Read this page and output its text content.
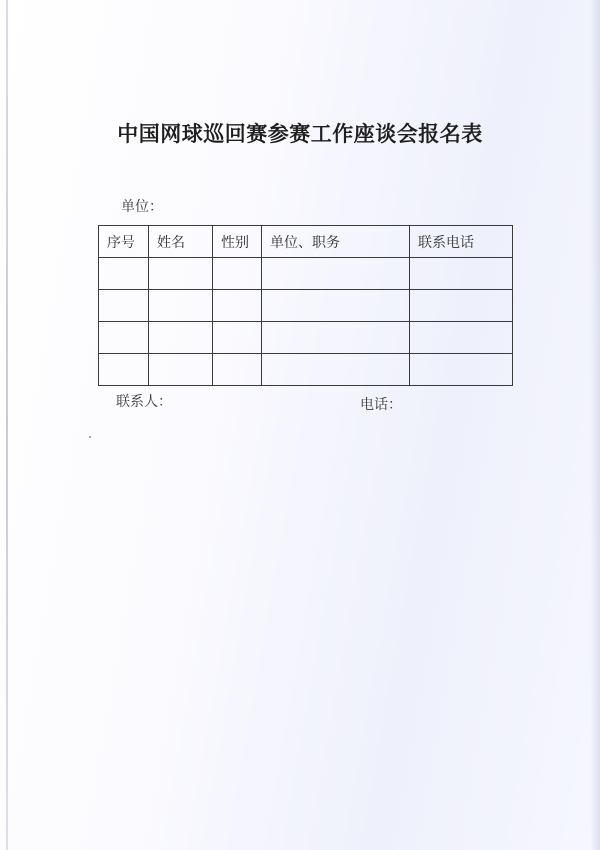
中国网球巡回赛参赛工作座谈会报名表
单位：
序号	姓名	性别	单位、职务	联系电话

联系人：	电话：
